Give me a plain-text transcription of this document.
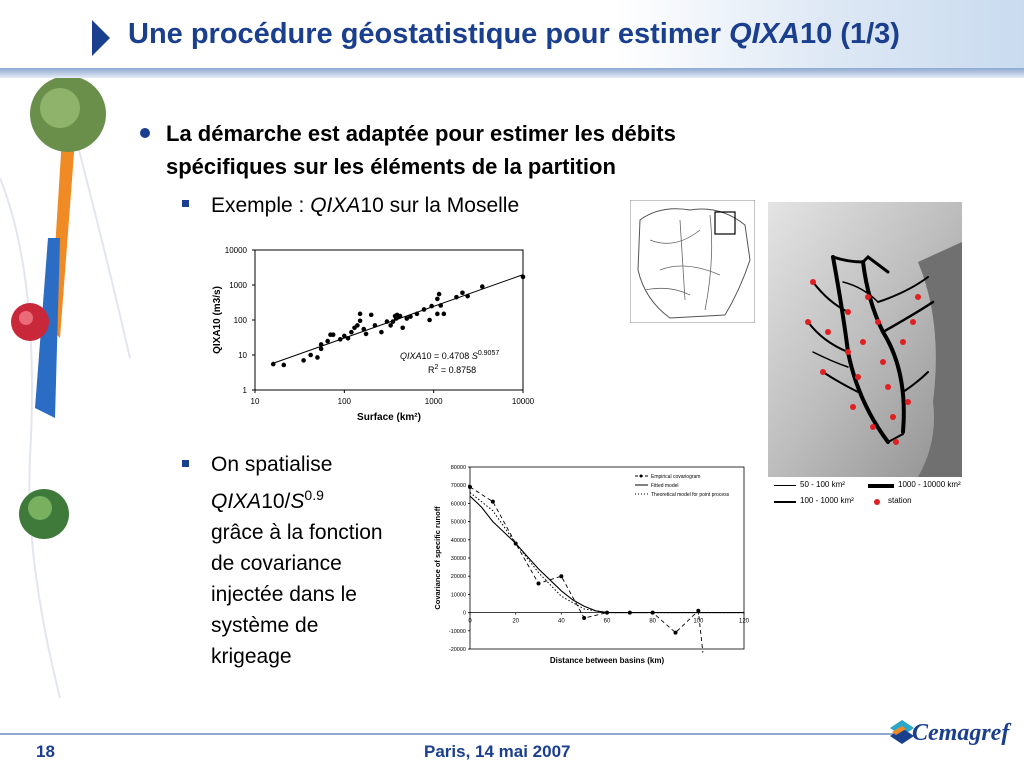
Une procédure géostatistique pour estimer QIXA10 (1/3)
La démarche est adaptée pour estimer les débits
spécifiques sur les éléments de la partition
Exemple : QIXA10 sur la Moselle
On spatialise
$QIXA10/S^{0.9}$
grâce à la fonction
de covariance
injectée dans le
système de
krigeage
1
10
100
1000
10000
10	100	1000	10000
QIXA10 (m3/s)
Surface (km²)
QIXA10 = 0.4708 $S^{0.9057}$
$R^2 = 0.8758$
50 - 100 km²	1000 - 10000 km²
100 - 1000 km²	station
80000
70000
60000
50000
40000
30000
20000
10000
0
-10000
-20000
0	20	40	60	80	100	120
Empirical covariogram
Fitted model
Theoretical model for point process
Covariance of specific runoff
Distance between basins (km)
18	Paris, 14 mai 2007
Cemagref
